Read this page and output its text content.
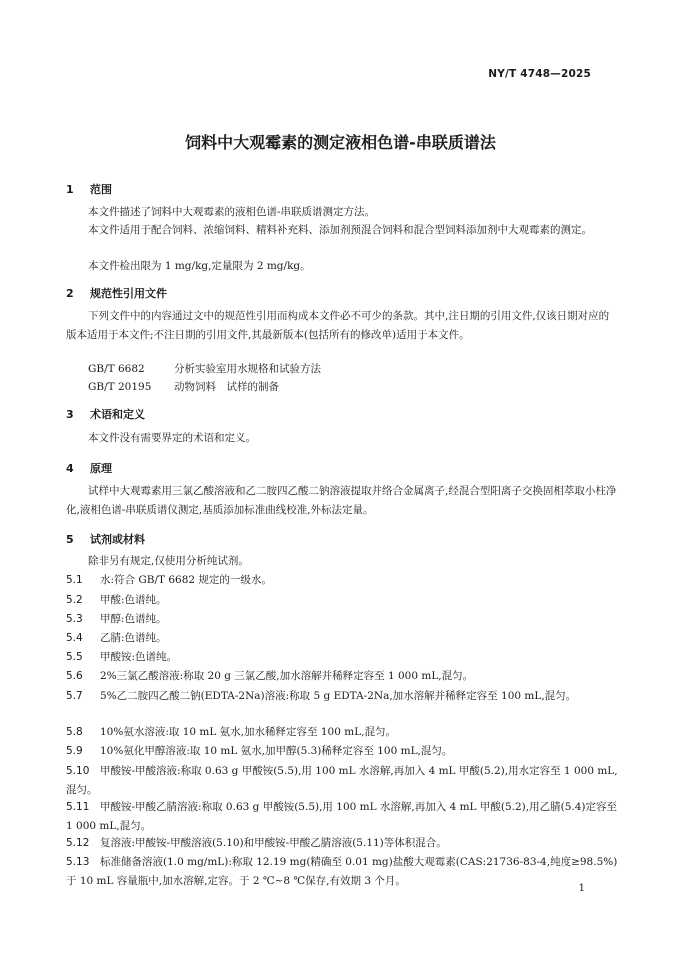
NY/T 4748—2025
饲料中大观霉素的测定液相色谱-串联质谱法
1 范围
本文件描述了饲料中大观霉素的液相色谱-串联质谱测定方法。
本文件适用于配合饲料、浓缩饲料、精料补充料、添加剂预混合饲料和混合型饲料添加剂中大观霉素的测定。
本文件检出限为 1 mg/kg,定量限为 2 mg/kg。
2 规范性引用文件
下列文件中的内容通过文中的规范性引用而构成本文件必不可少的条款。其中,注日期的引用文件,仅该日期对应的版本适用于本文件;不注日期的引用文件,其最新版本(包括所有的修改单)适用于本文件。
GB/T 6682	分析实验室用水规格和试验方法
GB/T 20195 动物饲料　试样的制备
3 术语和定义
本文件没有需要界定的术语和定义。
4 原理
试样中大观霉素用三氯乙酸溶液和乙二胺四乙酸二钠溶液提取并络合金属离子,经混合型阳离子交换固相萃取小柱净化,液相色谱-串联质谱仪测定,基质添加标准曲线校准,外标法定量。
5 试剂或材料
除非另有规定,仅使用分析纯试剂。
5.1 水:符合 GB/T 6682 规定的一级水。
5.2 甲酸:色谱纯。
5.3 甲醇:色谱纯。
5.4 乙腈:色谱纯。
5.5 甲酸铵:色谱纯。
5.6 2%三氯乙酸溶液:称取 20 g 三氯乙酸,加水溶解并稀释定容至 1 000 mL,混匀。
5.7 5%乙二胺四乙酸二钠(EDTA-2Na)溶液:称取 5 g EDTA-2Na,加水溶解并稀释定容至 100 mL,混匀。
5.8 10%氨水溶液:取 10 mL 氨水,加水稀释定容至 100 mL,混匀。
5.9 10%氨化甲醇溶液:取 10 mL 氨水,加甲醇(5.3)稀释定容至 100 mL,混匀。
5.10 甲酸铵-甲酸溶液:称取 0.63 g 甲酸铵(5.5),用 100 mL 水溶解,再加入 4 mL 甲酸(5.2),用水定容至 1 000 mL,混匀。
5.11 甲酸铵-甲酸乙腈溶液:称取 0.63 g 甲酸铵(5.5),用 100 mL 水溶解,再加入 4 mL 甲酸(5.2),用乙腈(5.4)定容至 1 000 mL,混匀。
5.12 复溶液:甲酸铵-甲酸溶液(5.10)和甲酸铵-甲酸乙腈溶液(5.11)等体积混合。
5.13 标准储备溶液(1.0 mg/mL):称取 12.19 mg(精确至 0.01 mg)盐酸大观霉素(CAS:21736-83-4,纯度≥98.5%)于 10 mL 容量瓶中,加水溶解,定容。于 2 ℃~8 ℃保存,有效期 3 个月。
1
